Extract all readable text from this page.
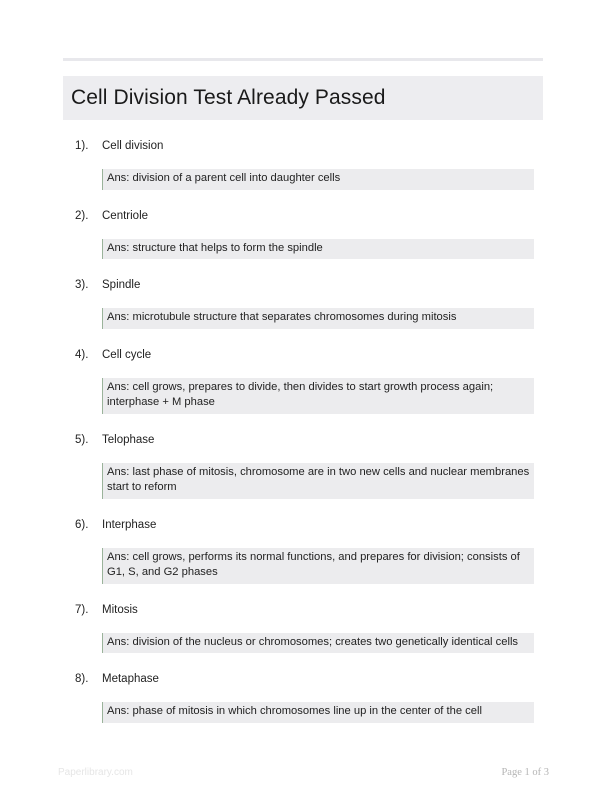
Cell Division Test Already Passed
1).	Cell division
Ans: division of a parent cell into daughter cells
2).	Centriole
Ans: structure that helps to form the spindle
3).	Spindle
Ans: microtubule structure that separates chromosomes during mitosis
4).	Cell cycle
Ans: cell grows, prepares to divide, then divides to start growth process again; interphase + M phase
5).	Telophase
Ans: last phase of mitosis, chromosome are in two new cells and nuclear membranes start to reform
6).	Interphase
Ans: cell grows, performs its normal functions, and prepares for division; consists of G1, S, and G2 phases
7).	Mitosis
Ans: division of the nucleus or chromosomes; creates two genetically identical cells
8).	Metaphase
Ans: phase of mitosis in which chromosomes line up in the center of the cell
Paperlibrary.com	Page 1 of 3
